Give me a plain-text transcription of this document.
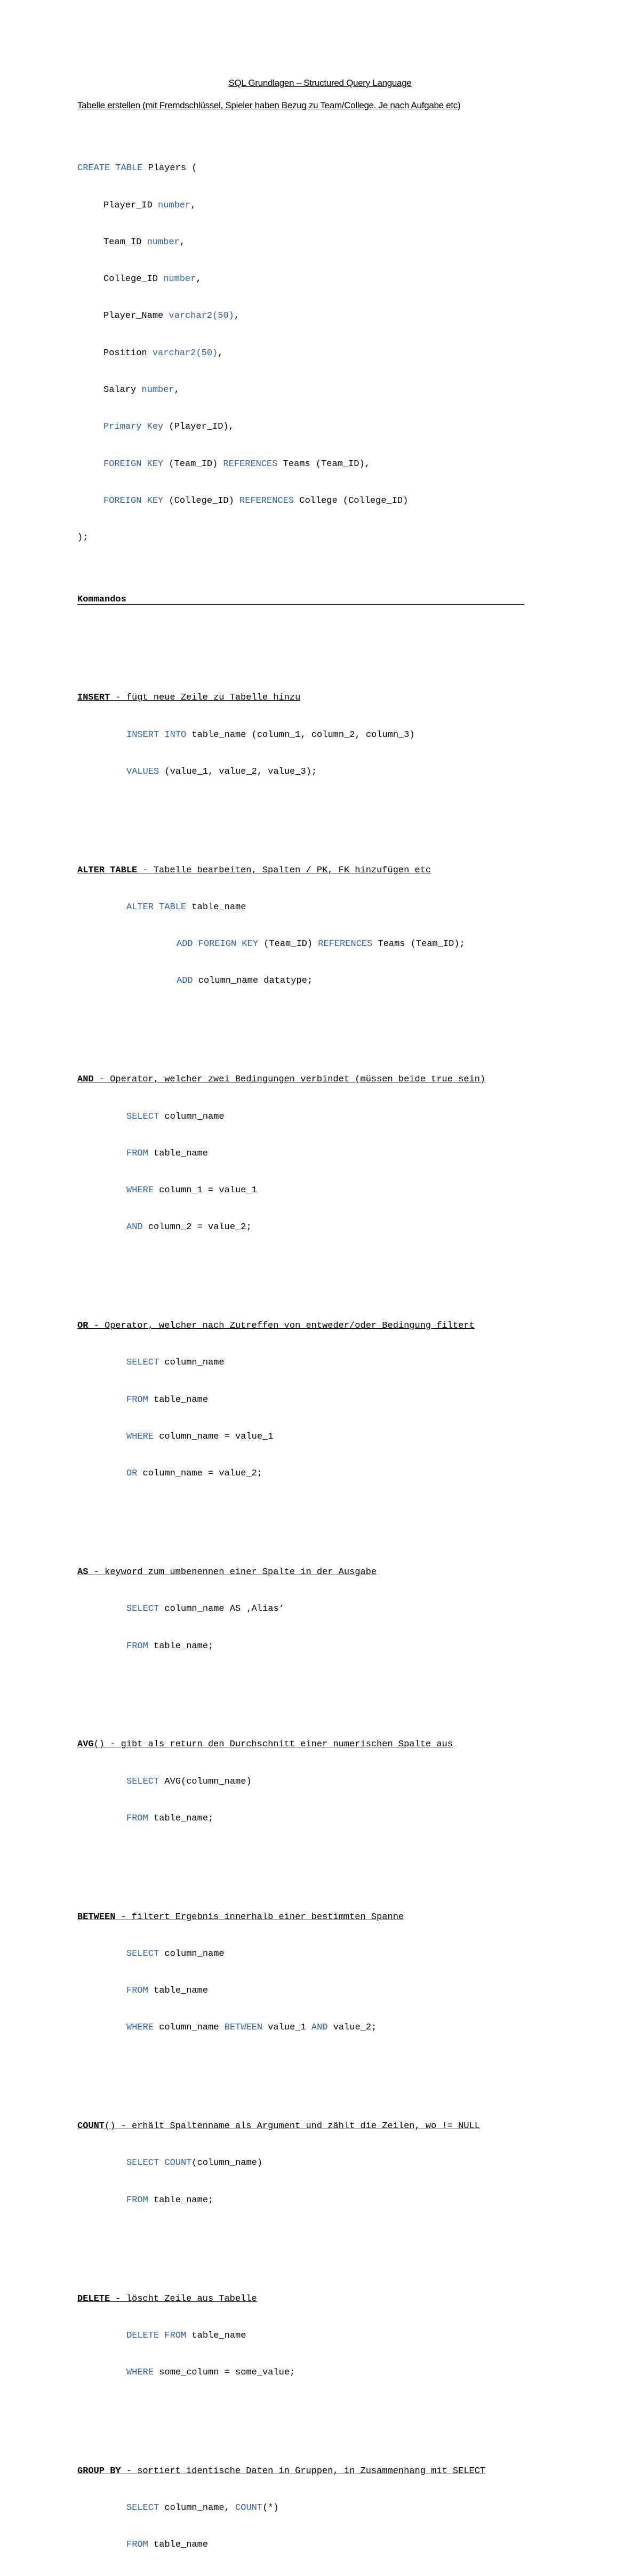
SQL Grundlagen – Structured Query Language
Tabelle erstellen (mit Fremdschlüssel, Spieler haben Bezug zu Team/College. Je nach Aufgabe etc)

CREATE TABLE Players (

Player_ID number,

Team_ID number,

College_ID number,

Player_Name varchar2(50),

Position varchar2(50),

Salary number,

Primary Key (Player_ID),

FOREIGN KEY (Team_ID) REFERENCES Teams (Team_ID),

FOREIGN KEY (College_ID) REFERENCES College (College_ID)

);

Kommandos

INSERT - fügt neue Zeile zu Tabelle hinzu

INSERT INTO table_name (column_1, column_2, column_3)

VALUES (value_1, value_2, value_3);

ALTER TABLE - Tabelle bearbeiten, Spalten / PK, FK hinzufügen etc

ALTER TABLE table_name

ADD FOREIGN KEY (Team_ID) REFERENCES Teams (Team_ID);

ADD column_name datatype;

AND - Operator, welcher zwei Bedingungen verbindet (müssen beide true sein)

SELECT column_name

FROM table_name

WHERE column_1 = value_1

AND column_2 = value_2;

OR - Operator, welcher nach Zutreffen von entweder/oder Bedingung filtert

SELECT column_name

FROM table_name

WHERE column_name = value_1

OR column_name = value_2;

AS - keyword zum umbenennen einer Spalte in der Ausgabe

SELECT column_name AS ‚Alias‘

FROM table_name;

AVG() - gibt als return den Durchschnitt einer numerischen Spalte aus

SELECT AVG(column_name)

FROM table_name;

BETWEEN - filtert Ergebnis innerhalb einer bestimmten Spanne

SELECT column_name

FROM table_name

WHERE column_name BETWEEN value_1 AND value_2;

COUNT() - erhält Spaltenname als Argument und zählt die Zeilen, wo != NULL

SELECT COUNT(column_name)

FROM table_name;

DELETE - löscht Zeile aus Tabelle

DELETE FROM table_name

WHERE some_column = some_value;

GROUP BY - sortiert identische Daten in Gruppen, in Zusammenhang mit SELECT

SELECT column_name, COUNT(*)

FROM table_name
